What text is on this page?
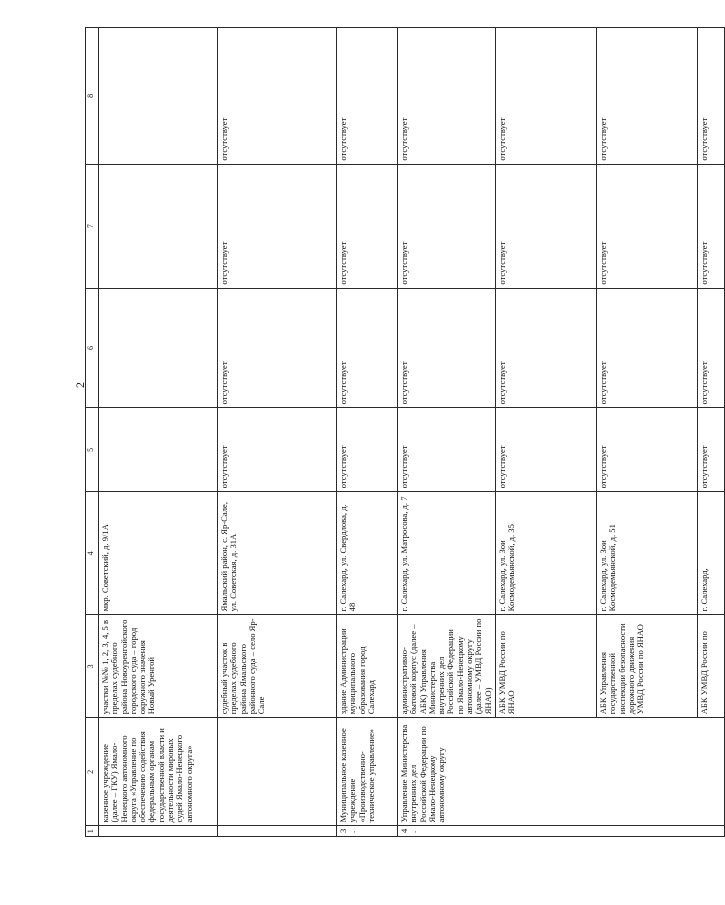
2
1	2	3	4	5	6	7	8
	казенное учреждение (далее – ГКУ) Ямало-Ненецкого автономного округа «Управление по обеспечению содействия федеральным органам государственной власти и деятельности мировых судей Ямало-Ненецкого автономного округа»	участки №№ 1, 2, 3, 4, 5 в пределах судебного района Новоуренгойского городского суда – город окружного значения Новый Уренгой	мкр. Советский, д. 9/1А				
		судебный участок в пределах судебного района Ямальского районного суда – село Яр-Сале	Ямальский район, с. Яр-Сале, ул. Советская, д. 31А	отсутствует	отсутствует	отсутствует	отсутствует
3.	Муниципальное казенное учреждение «Производственно-техническое управление»	здание Администрации муниципального образования город Салехард	г. Салехард, ул. Свердлова, д. 48	отсутствует	отсутствует	отсутствует	отсутствует
4.	Управление Министерства внутренних дел Российской Федерации по Ямало-Ненецкому автономному округу	административно-бытовой корпус (далее – АБК) Управления Министерства внутренних дел Российской Федерации по Ямало-Ненецкому автономному округу (далее – УМВД России по ЯНАО)	г. Салехард, ул. Матросова, д. 7	отсутствует	отсутствует	отсутствует	отсутствует
		АБК УМВД России по ЯНАО	г. Салехард, ул. Зои Космодемьянской, д. 35	отсутствует	отсутствует	отсутствует	отсутствует
		АБК Управления государственной инспекции безопасности дорожного движения УМВД России по ЯНАО	г. Салехард, ул. Зои Космодемьянской, д. 51	отсутствует	отсутствует	отсутствует	отсутствует
		АБК УМВД России по	г. Салехард,	отсутствует	отсутствует	отсутствует	отсутствует
